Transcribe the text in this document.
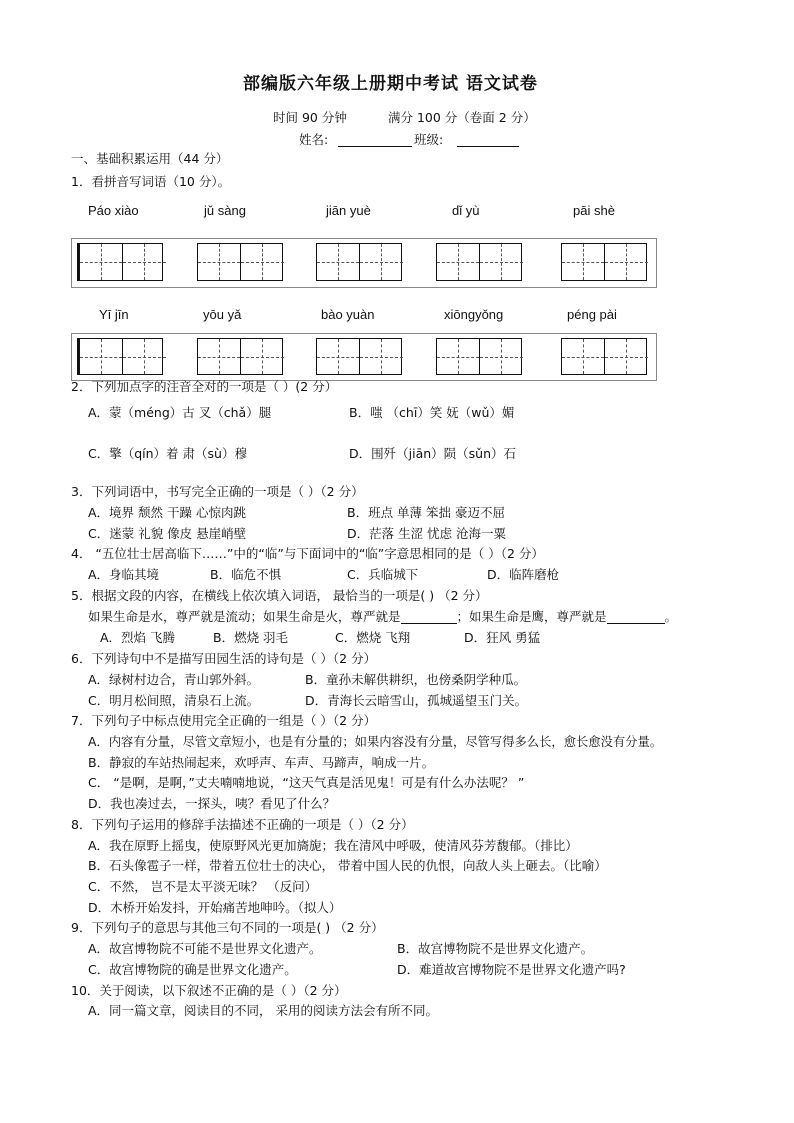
部编版六年级上册期中考试 语文试卷
时间 90 分钟	满分 100 分（卷面 2 分）
姓名:	班级:
一、基础积累运用（44 分）
1．看拼音写词语（10 分）。
Páo xiào	jǔ sàng	jiān yuè	dǐ yù	pāi shè
Yī jīn	yōu yǎ	bào yuàn	xiōngyǒng	péng pài
2．下列加点字的注音全对的一项是（ ）(2 分）
A．蒙（méng）古 叉（chǎ）腿	B．嗤 （chī）笑 妩（wǔ）媚
C．擎（qín）着 肃（sù）穆	D．围歼（jiān）陨（sǔn）石
3．下列词语中，书写完全正确的一项是（ ）（2 分）
A．境界 颓然 干躁 心惊肉跳	B．班点 单薄 笨拙 豪迈不屈
C．迷蒙 礼貌 像皮 悬崖峭壁	D．茫落 生涩 忧虑 沧海一粟
4． “五位壮士居高临下……”中的“临”与下面词中的“临”字意思相同的是（ ）（2 分）
A．身临其境	B．临危不惧	C．兵临城下	D．临阵磨枪
5．根据文段的内容，在横线上依次填入词语， 最恰当的一项是( ) （2 分）
如果生命是水，尊严就是流动；如果生命是火，尊严就是	；如果生命是鹰，尊严就是	。
A．烈焰 飞腾	B．燃烧 羽毛	C．燃烧 飞翔	D．狂风 勇猛
6．下列诗句中不是描写田园生活的诗句是（ ）（2 分）
A．绿树村边合，青山郭外斜。	B．童孙未解供耕织，也傍桑阴学种瓜。
C．明月松间照，清泉石上流。	D．青海长云暗雪山，孤城遥望玉门关。
7．下列句子中标点使用完全正确的一组是（ ）（2 分）
A．内容有分量，尽管文章短小，也是有分量的；如果内容没有分量，尽管写得多么长，愈长愈没有分量。
B．静寂的车站热闹起来，欢呼声、车声、马蹄声，响成一片。
C． “是啊，是啊，”丈夫喃喃地说，“这天气真是活见鬼！可是有什么办法呢？ ”
D．我也凑过去，一探头，咦？看见了什么？
8．下列句子运用的修辞手法描述不正确的一项是（ ）（2 分）
A．我在原野上摇曳，使原野风光更加旖旎；我在清风中呼吸，使清风芬芳馥郁。（排比）
B．石头像雹子一样，带着五位壮士的决心， 带着中国人民的仇恨，向敌人头上砸去。（比喻）
C．不然， 岂不是太平淡无味？ （反问）
D．木桥开始发抖，开始痛苦地呻吟。（拟人）
9．下列句子的意思与其他三句不同的一项是( ) （2 分）
A．故宫博物院不可能不是世界文化遗产。	B．故宫博物院不是世界文化遗产。
C．故宫博物院的确是世界文化遗产。	D．难道故宫博物院不是世界文化遗产吗?
10．关于阅读，以下叙述不正确的是（ ）（2 分）
A．同一篇文章，阅读目的不同， 采用的阅读方法会有所不同。
